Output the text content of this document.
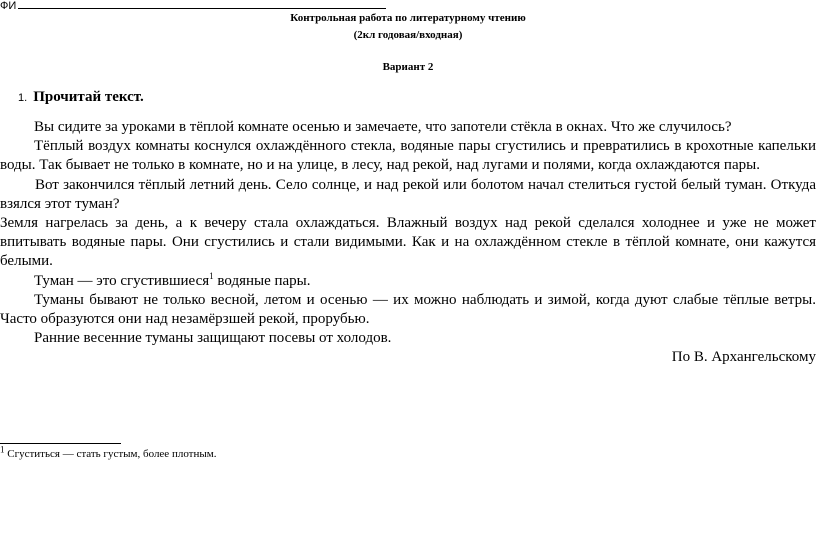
ФИ
Контрольная работа по литературному чтению
(2кл годовая/входная)
Вариант 2
1. Прочитай текст.

Вы сидите за уроками в тёплой комнате осенью и замечаете, что запотели стёкла в окнах. Что же случилось?

Тёплый воздух комнаты коснулся охлаждённого стекла, водяные пары сгустились и превратились в крохотные капельки воды. Так бывает не только в комнате, но и на улице, в лесу, над рекой, над лугами и полями, когда охлаждаются пары.

Вот закончился тёплый летний день. Село солнце, и над рекой или болотом начал стелиться густой белый туман. Откуда взялся этот туман?

Земля нагрелась за день, а к вечеру стала охлаждаться. Влажный воздух над рекой сделался холоднее и уже не может впитывать водяные пары. Они сгустились и стали видимыми. Как и на охлаждённом стекле в тёплой комнате, они кажутся белыми.

Туман — это сгустившиеся$^1$ водяные пары.

Туманы бывают не только весной, летом и осенью — их можно наблюдать и зимой, когда дуют слабые тёплые ветры. Часто образуются они над незамёрзшей рекой, прорубью.

Ранние весенние туманы защищают посевы от холодов.

По В. Архангельскому

$^1$ Сгуститься — стать густым, более плотным.
